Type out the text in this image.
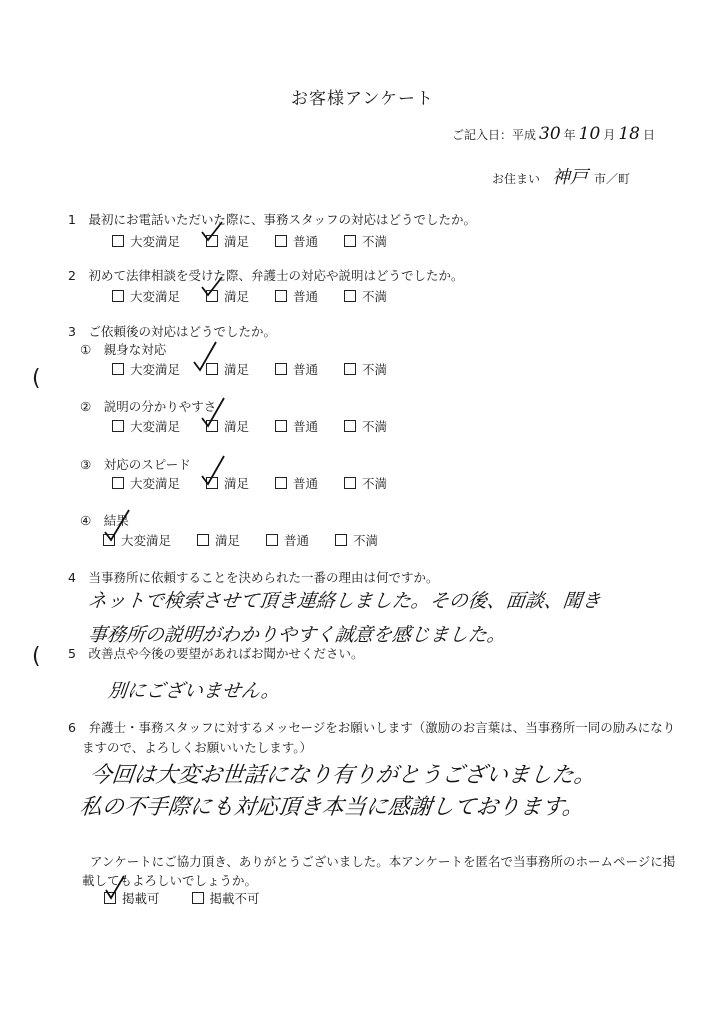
お客様アンケート
ご記入日：平成 30 年 10 月 18 日
お住まい 神戸 市／町
1　最初にお電話いただいた際に、事務スタッフの対応はどうでしたか。
大変満足	満足	普通	不満
2　初めて法律相談を受けた際、弁護士の対応や説明はどうでしたか。
大変満足	満足	普通	不満
3　ご依頼後の対応はどうでしたか。
①　親身な対応
大変満足	満足	普通	不満
②　説明の分かりやすさ
大変満足	満足	普通	不満
③　対応のスピード
大変満足	満足	普通	不満
④　結果
大変満足	満足	普通	不満
4　当事務所に依頼することを決められた一番の理由は何ですか。
ネットで検索させて頂き連絡しました。その後、面談、聞き
事務所の説明がわかりやすく誠意を感じました。
5　改善点や今後の要望があればお聞かせください。
別にございません。
6　弁護士・事務スタッフに対するメッセージをお願いします（激励のお言葉は、当事務所一同の励みになり
ますので、よろしくお願いいたします。）
今回は大変お世話になり有りがとうございました。
私の不手際にも対応頂き本当に感謝しております。
アンケートにご協力頂き、ありがとうございました。本アンケートを匿名で当事務所のホームページに掲
載してもよろしいでしょうか。
掲載可	掲載不可
(
(
